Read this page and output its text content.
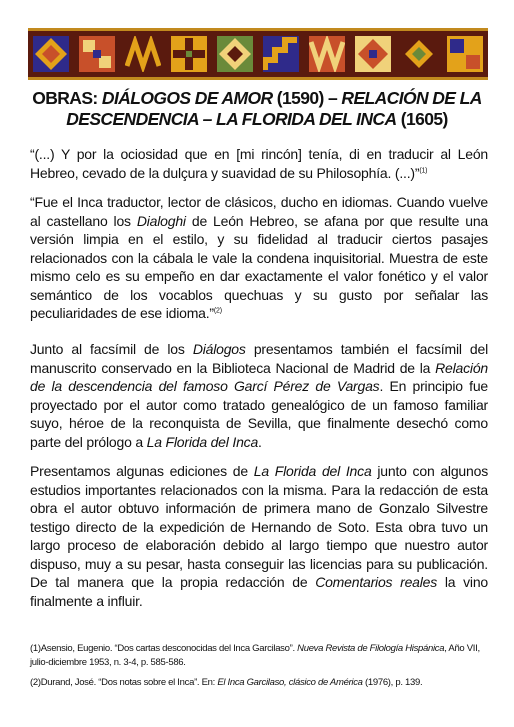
OBRAS: DIÁLOGOS DE AMOR (1590) – RELACIÓN DE LA DESCENDENCIA – LA FLORIDA DEL INCA (1605)
“(...) Y por la ociosidad que en [mi rincón] tenía, di en traducir al León Hebreo, cevado de la dulçura y suavidad de su Philosophía. (...)”$^{(1)}$
“Fue el Inca traductor, lector de clásicos, ducho en idiomas. Cuando vuelve al castellano los Dialoghi de León Hebreo, se afana por que resulte una versión limpia en el estilo, y su fidelidad al traducir ciertos pasajes relacionados con la cábala le vale la condena inquisitorial. Muestra de este mismo celo es su empeño en dar exactamente el valor fonético y el valor semántico de los vocablos quechuas y su gusto por señalar las peculiaridades de ese idioma.”$^{(2)}$
Junto al facsímil de los Diálogos presentamos también el facsímil del manuscrito conservado en la Biblioteca Nacional de Madrid de la Relación de la descendencia del famoso Garcí Pérez de Vargas. En principio fue proyectado por el autor como tratado genealógico de un famoso familiar suyo, héroe de la reconquista de Sevilla, que finalmente desechó como parte del prólogo a La Florida del Inca.
Presentamos algunas ediciones de La Florida del Inca junto con algunos estudios importantes relacionados con la misma. Para la redacción de esta obra el autor obtuvo información de primera mano de Gonzalo Silvestre testigo directo de la expedición de Hernando de Soto. Esta obra tuvo un largo proceso de elaboración debido al largo tiempo que nuestro autor dispuso, muy a su pesar, hasta conseguir las licencias para su publicación. De tal manera que la propia redacción de Comentarios reales la vino finalmente a influir.
(1)Asensio, Eugenio. “Dos cartas desconocidas del Inca Garcilaso”. Nueva Revista de Filología Hispánica, Año VII, julio-diciembre 1953, n. 3-4, p. 585-586.
(2)Durand, José. “Dos notas sobre el Inca”. En: El Inca Garcilaso, clásico de América (1976), p. 139.
